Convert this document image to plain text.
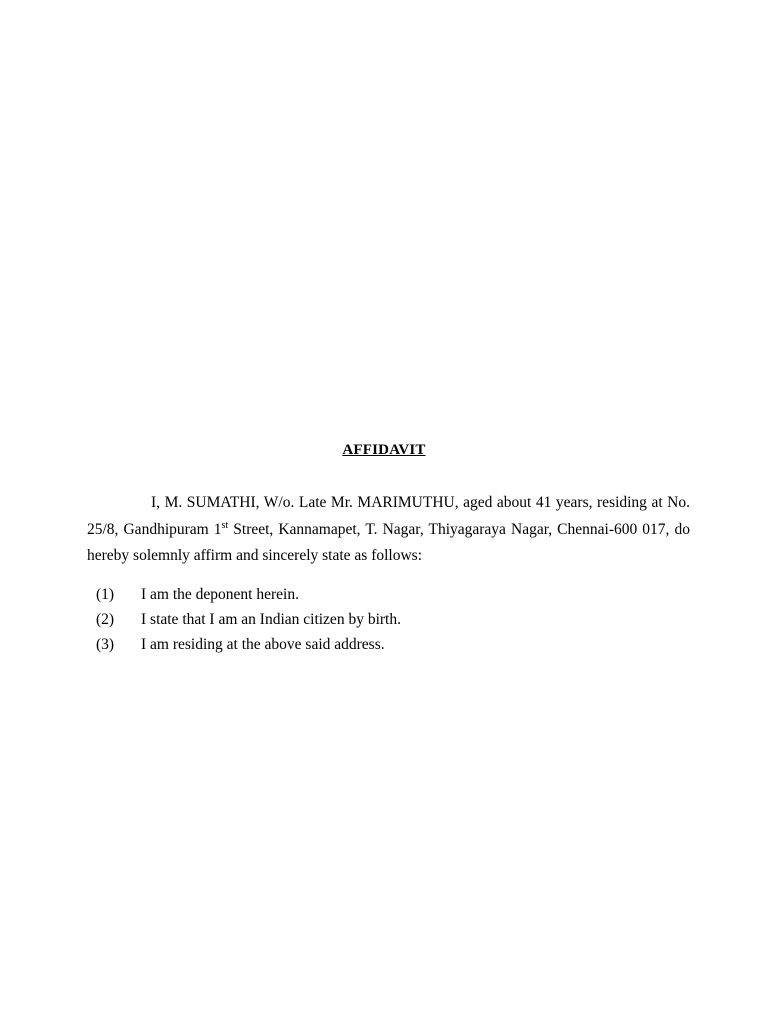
AFFIDAVIT

I, M. SUMATHI, W/o. Late Mr. MARIMUTHU, aged about 41 years, residing at No. 25/8, Gandhipuram 1st Street, Kannamapet, T. Nagar, Thiyagaraya Nagar, Chennai-600 017, do hereby solemnly affirm and sincerely state as follows:

(1)	I am the deponent herein.
(2)	I state that I am an Indian citizen by birth.
(3)	I am residing at the above said address.
